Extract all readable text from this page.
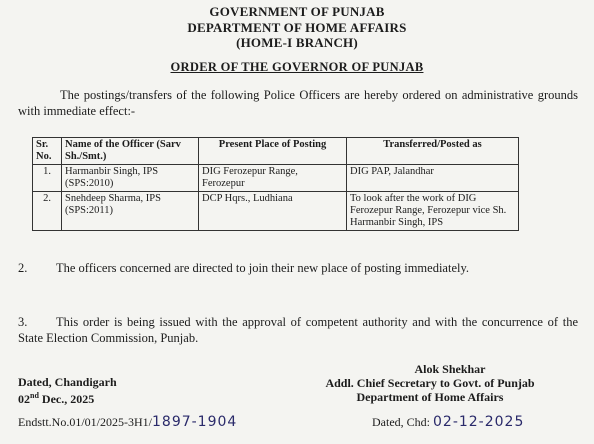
GOVERNMENT OF PUNJAB
DEPARTMENT OF HOME AFFAIRS
(HOME-I BRANCH)
ORDER OF THE GOVERNOR OF PUNJAB
The postings/transfers of the following Police Officers are hereby ordered on administrative grounds with immediate effect:-
Sr. No.	Name of the Officer (Sarv Sh./Smt.)	Present Place of Posting	Transferred/Posted as
1.	Harmanbir Singh, IPS (SPS:2010)	DIG Ferozepur Range, Ferozepur	DIG PAP, Jalandhar
2.	Snehdeep Sharma, IPS (SPS:2011)	DCP Hqrs., Ludhiana	To look after the work of DIG Ferozepur Range, Ferozepur vice Sh. Harmanbir Singh, IPS
2. The officers concerned are directed to join their new place of posting immediately.
3. This order is being issued with the approval of competent authority and with the concurrence of the State Election Commission, Punjab.
Alok Shekhar
Addl. Chief Secretary to Govt. of Punjab
Department of Home Affairs
Dated, Chandigarh
02nd Dec., 2025
Endstt.No.01/01/2025-3H1/1897-1904	Dated, Chd: 02-12-2025
